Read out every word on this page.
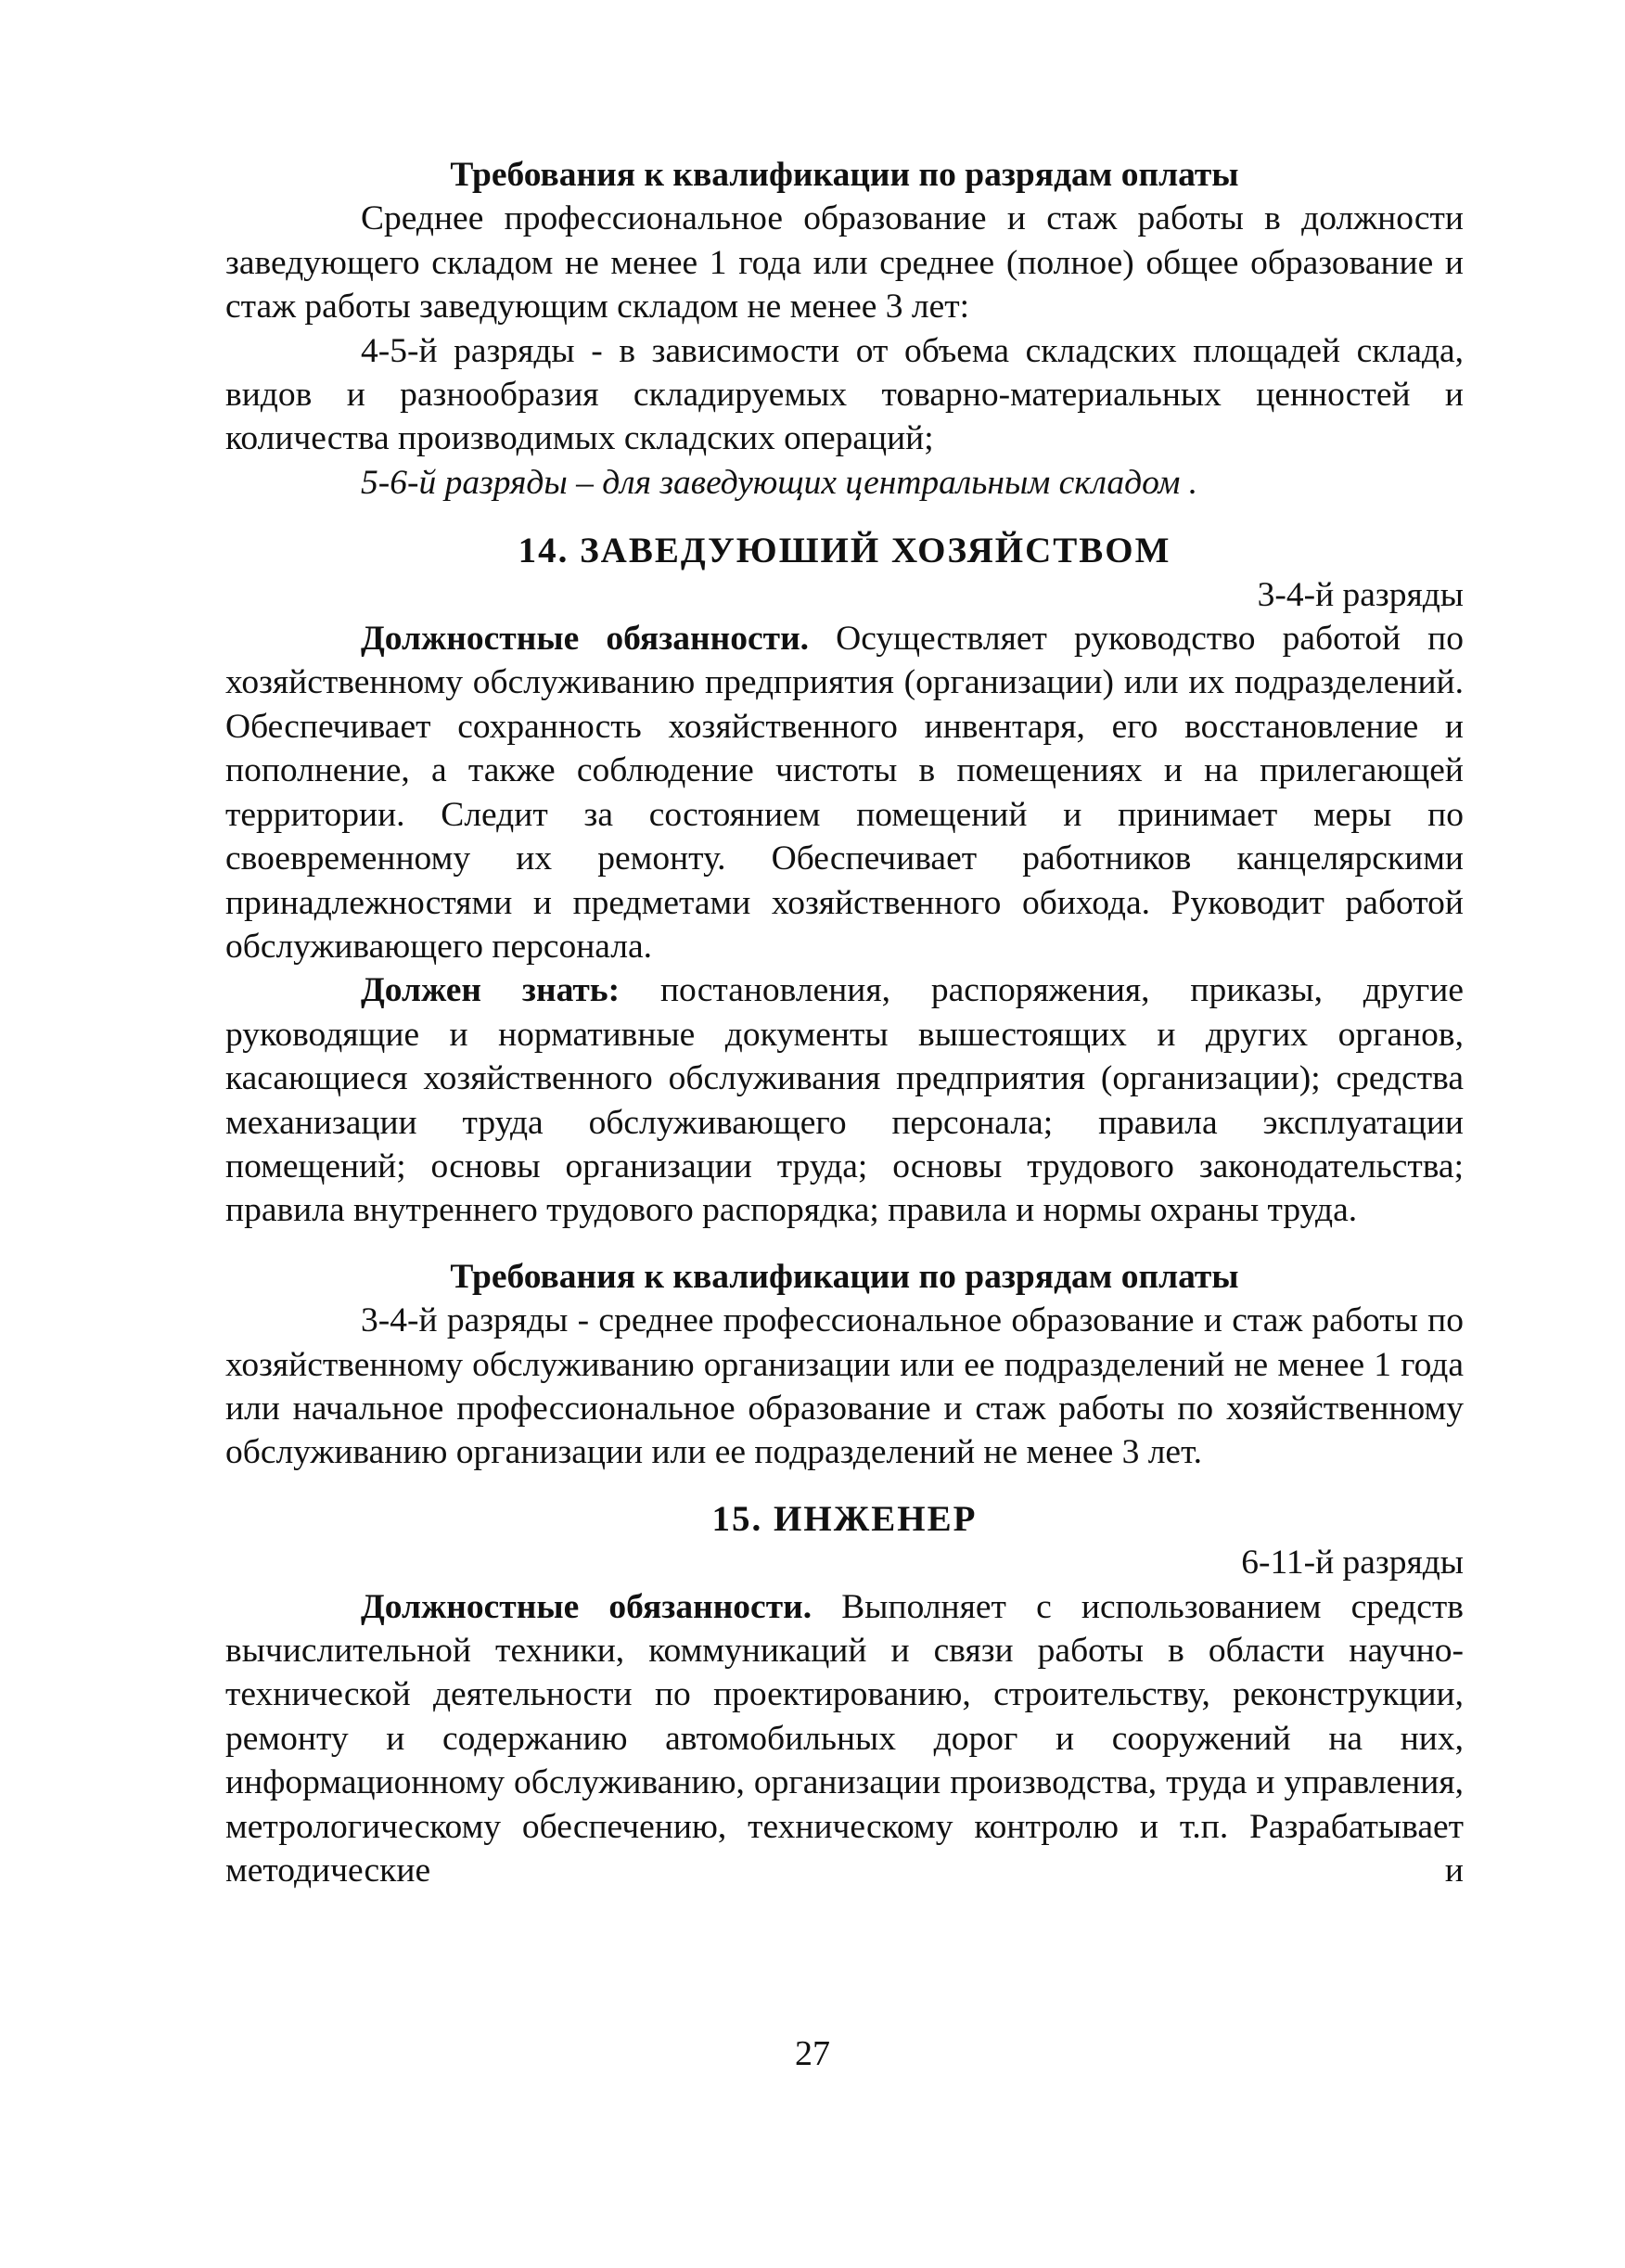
Требования к квалификации по разрядам оплаты

Среднее профессиональное образование и стаж работы в должности заведующего складом не менее 1 года или среднее (полное) общее образование и стаж работы заведующим складом не менее 3 лет:

4-5-й разряды - в зависимости от объема складских площадей склада, видов и разнообразия складируемых товарно-материальных ценностей и количества производимых складских операций;

5-6-й разряды – для заведующих центральным складом .

14. ЗАВЕДУЮШИЙ ХОЗЯЙСТВОМ

3-4-й разряды

Должностные обязанности. Осуществляет руководство работой по хозяйственному обслуживанию предприятия (организации) или их подразделений. Обеспечивает сохранность хозяйственного инвентаря, его восстановление и пополнение, а также соблюдение чистоты в помещениях и на прилегающей территории. Следит за состоянием помещений и принимает меры по своевременному их ремонту. Обеспечивает работников канцелярскими принадлежностями и предметами хозяйственного обихода. Руководит работой обслуживающего персонала.

Должен знать: постановления, распоряжения, приказы, другие руководящие и нормативные документы вышестоящих и других органов, касающиеся хозяйственного обслуживания предприятия (организации); средства механизации труда обслуживающего персонала; правила эксплуатации помещений; основы организации труда; основы трудового законодательства; правила внутреннего трудового распорядка; правила и нормы охраны труда.

Требования к квалификации по разрядам оплаты

3-4-й разряды - среднее профессиональное образование и стаж работы по хозяйственному обслуживанию организации или ее подразделений не менее 1 года или начальное профессиональное образование и стаж работы по хозяйственному обслуживанию организации или ее подразделений не менее 3 лет.

15. ИНЖЕНЕР

6-11-й разряды

Должностные обязанности. Выполняет с использованием средств вычислительной техники, коммуникаций и связи работы в области научно-технической деятельности по проектированию, строительству, реконструкции, ремонту и содержанию автомобильных дорог и сооружений на них, информационному обслуживанию, организации производства, труда и управления, метрологическому обеспечению, техническому контролю и т.п. Разрабатывает методические и

27
